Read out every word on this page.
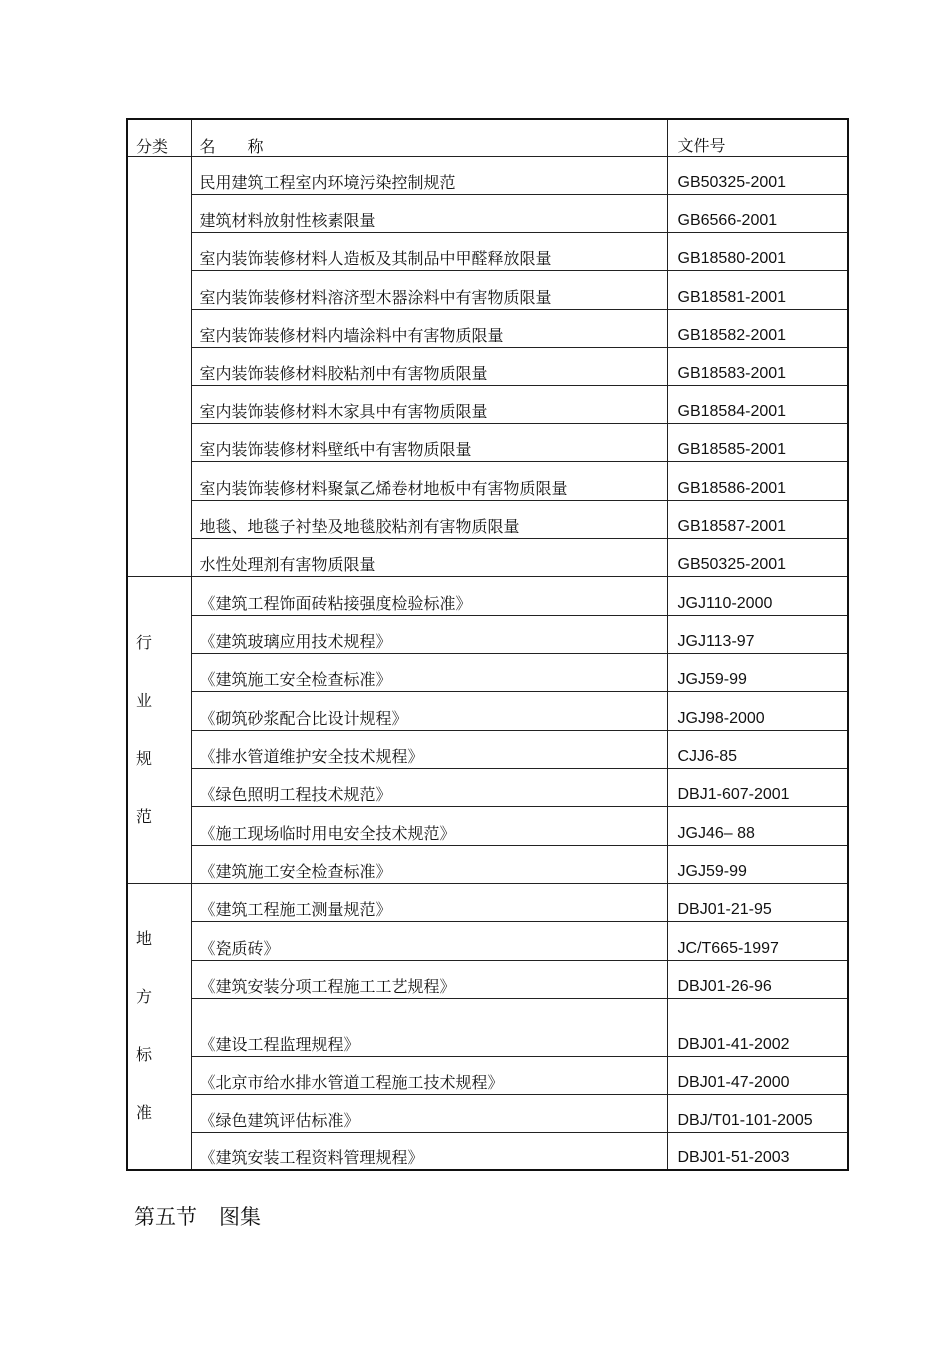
分类	名　　称	文件号
	民用建筑工程室内环境污染控制规范	GB50325-2001
	建筑材料放射性核素限量	GB6566-2001
	室内装饰装修材料人造板及其制品中甲醛释放限量	GB18580-2001
	室内装饰装修材料溶济型木器涂料中有害物质限量	GB18581-2001
	室内装饰装修材料内墙涂料中有害物质限量	GB18582-2001
	室内装饰装修材料胶粘剂中有害物质限量	GB18583-2001
	室内装饰装修材料木家具中有害物质限量	GB18584-2001
	室内装饰装修材料壁纸中有害物质限量	GB18585-2001
	室内装饰装修材料聚氯乙烯卷材地板中有害物质限量	GB18586-2001
	地毯、地毯子衬垫及地毯胶粘剂有害物质限量	GB18587-2001
	水性处理剂有害物质限量	GB50325-2001

行
业
规
范	《建筑工程饰面砖粘接强度检验标准》	JGJ110-2000
	《建筑玻璃应用技术规程》	JGJ113-97
	《建筑施工安全检查标准》	JGJ59-99
	《砌筑砂浆配合比设计规程》	JGJ98-2000
	《排水管道维护安全技术规程》	CJJ6-85
	《绿色照明工程技术规范》	DBJ1-607-2001
	《施工现场临时用电安全技术规范》	JGJ46– 88
	《建筑施工安全检查标准》	JGJ59-99

地
方
标
准	《建筑工程施工测量规范》	DBJ01-21-95
	《瓷质砖》	JC/T665-1997
	《建筑安装分项工程施工工艺规程》	DBJ01-26-96
	《建设工程监理规程》	DBJ01-41-2002
	《北京市给水排水管道工程施工技术规程》	DBJ01-47-2000
	《绿色建筑评估标准》	DBJ/T01-101-2005
	《建筑安装工程资料管理规程》	DBJ01-51-2003
第五节 图集
